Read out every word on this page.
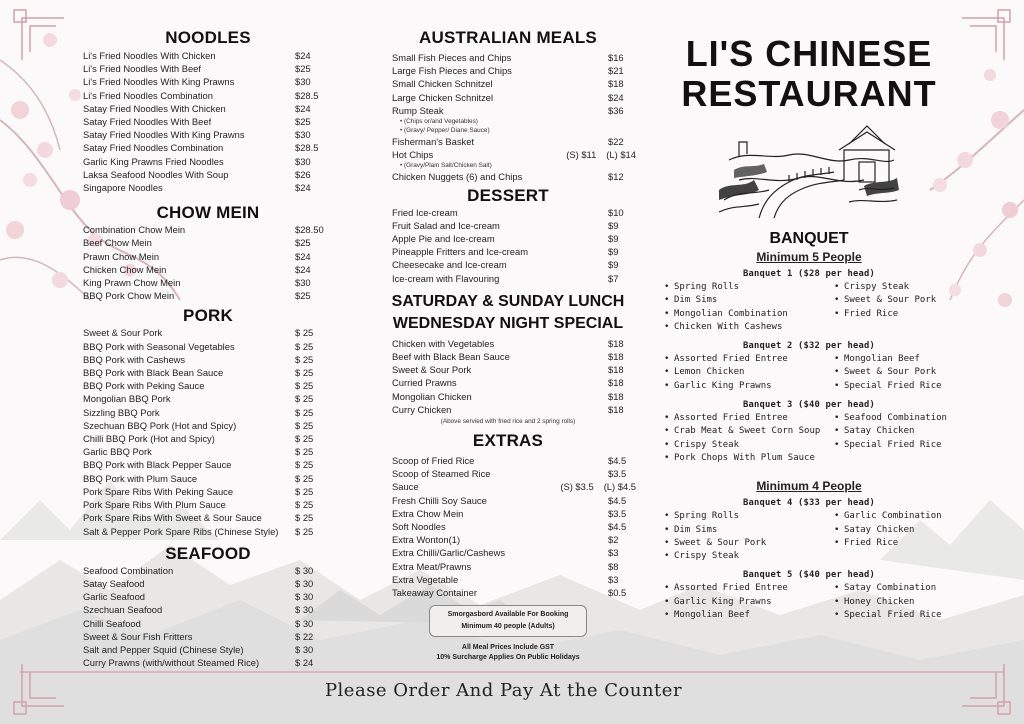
NOODLES
Li's Fried Noodles With Chicken	$24
Li's Fried Noodles With Beef	$25
Li's Fried Noodles With King Prawns	$30
Li's Fried Noodles Combination	$28.5
Satay Fried Noodles With Chicken	$24
Satay Fried Noodles With Beef	$25
Satay Fried Noodles With King Prawns	$30
Satay Fried Noodles Combination	$28.5
Garlic King Prawns Fried Noodles	$30
Laksa Seafood Noodles With Soup	$26
Singapore Noodles	$24
CHOW MEIN
Combination Chow Mein	$28.50
Beef Chow Mein	$25
Prawn Chow Mein	$24
Chicken Chow Mein	$24
King Prawn Chow Mein	$30
BBQ Pork Chow Mein	$25
PORK
Sweet & Sour Pork	$ 25
BBQ Pork with Seasonal Vegetables	$ 25
BBQ Pork with Cashews	$ 25
BBQ Pork with Black Bean Sauce	$ 25
BBQ Pork with Peking Sauce	$ 25
Mongolian BBQ Pork	$ 25
Sizzling BBQ Pork	$ 25
Szechuan BBQ Pork (Hot and Spicy)	$ 25
Chilli BBQ Pork (Hot and Spicy)	$ 25
Garlic BBQ Pork	$ 25
BBQ Pork with Black Pepper Sauce	$ 25
BBQ Pork with Plum Sauce	$ 25
Pork Spare Ribs With Peking Sauce	$ 25
Pork Spare Ribs With Plum Sauce	$ 25
Pork Spare Ribs With Sweet & Sour Sauce	$ 25
Salt & Pepper Pork Spare Ribs (Chinese Style) $ 25
SEAFOOD
Seafood Combination	$ 30
Satay Seafood	$ 30
Garlic Seafood	$ 30
Szechuan Seafood	$ 30
Chilli Seafood	$ 30
Sweet & Sour Fish Fritters	$ 22
Salt and Pepper Squid (Chinese Style)	$ 30
Curry Prawns (with/without Steamed Rice)	$ 24
AUSTRALIAN MEALS
Small Fish Pieces and Chips	$16
Large Fish Pieces and Chips	$21
Small Chicken Schnitzel	$18
Large Chicken Schnitzel	$24
Rump Steak	$36
• (Chips or/and Vegetables)
• (Gravy/ Pepper/ Diane Sauce)
Fisherman's Basket	$22
Hot Chips	(S) $11 (L) $14
• (Gravy/Plain Salt/Chicken Salt)
Chicken Nuggets (6) and Chips	$12
DESSERT
Fried Ice-cream	$10
Fruit Salad and Ice-cream	$9
Apple Pie and Ice-cream	$9
Pineapple Fritters and Ice-cream	$9
Cheesecake and Ice-cream	$9
Ice-cream with Flavouring	$7
SATURDAY & SUNDAY LUNCH
WEDNESDAY NIGHT SPECIAL
Chicken with Vegetables	$18
Beef with Black Bean Sauce	$18
Sweet & Sour Pork	$18
Curried Prawns	$18
Mongolian Chicken	$18
Curry Chicken	$18
(Above servied with fried rice and 2 spring rolls)
EXTRAS
Scoop of Fried Rice	$4.5
Scoop of Steamed Rice	$3.5
Sauce	(S) $3.5 (L) $4.5
Fresh Chilli Soy Sauce	$4.5
Extra Chow Mein	$3.5
Soft Noodles	$4.5
Extra Wonton(1)	$2
Extra Chilli/Garlic/Cashews	$3
Extra Meat/Prawns	$8
Extra Vegetable	$3
Takeaway Container	$0.5
Smorgasbord Available For Booking
Minimum 40 people (Adults)
All Meal Prices Include GST
10% Surcharge Applies On Public Holidays
LI'S CHINESE
RESTAURANT
BANQUET
Minimum 5 People
Banquet 1 ($28 per head)
• Spring Rolls
• Dim Sims
• Mongolian Combination
• Chicken With Cashews
• Crispy Steak
• Sweet & Sour Pork
• Fried Rice
Banquet 2 ($32 per head)
• Assorted Fried Entree
• Lemon Chicken
• Garlic King Prawns
• Mongolian Beef
• Sweet & Sour Pork
• Special Fried Rice
Banquet 3 ($40 per head)
• Assorted Fried Entree
• Crab Meat & Sweet Corn Soup
• Crispy Steak
• Pork Chops With Plum Sauce
• Seafood Combination
• Satay Chicken
• Special Fried Rice
Minimum 4 People
Banquet 4 ($33 per head)
• Spring Rolls
• Dim Sims
• Sweet & Sour Pork
• Crispy Steak
• Garlic Combination
• Satay Chicken
• Fried Rice
Banquet 5 ($40 per head)
• Assorted Fried Entree
• Garlic King Prawns
• Mongolian Beef
• Satay Combination
• Honey Chicken
• Special Fried Rice
Please Order And Pay At the Counter
